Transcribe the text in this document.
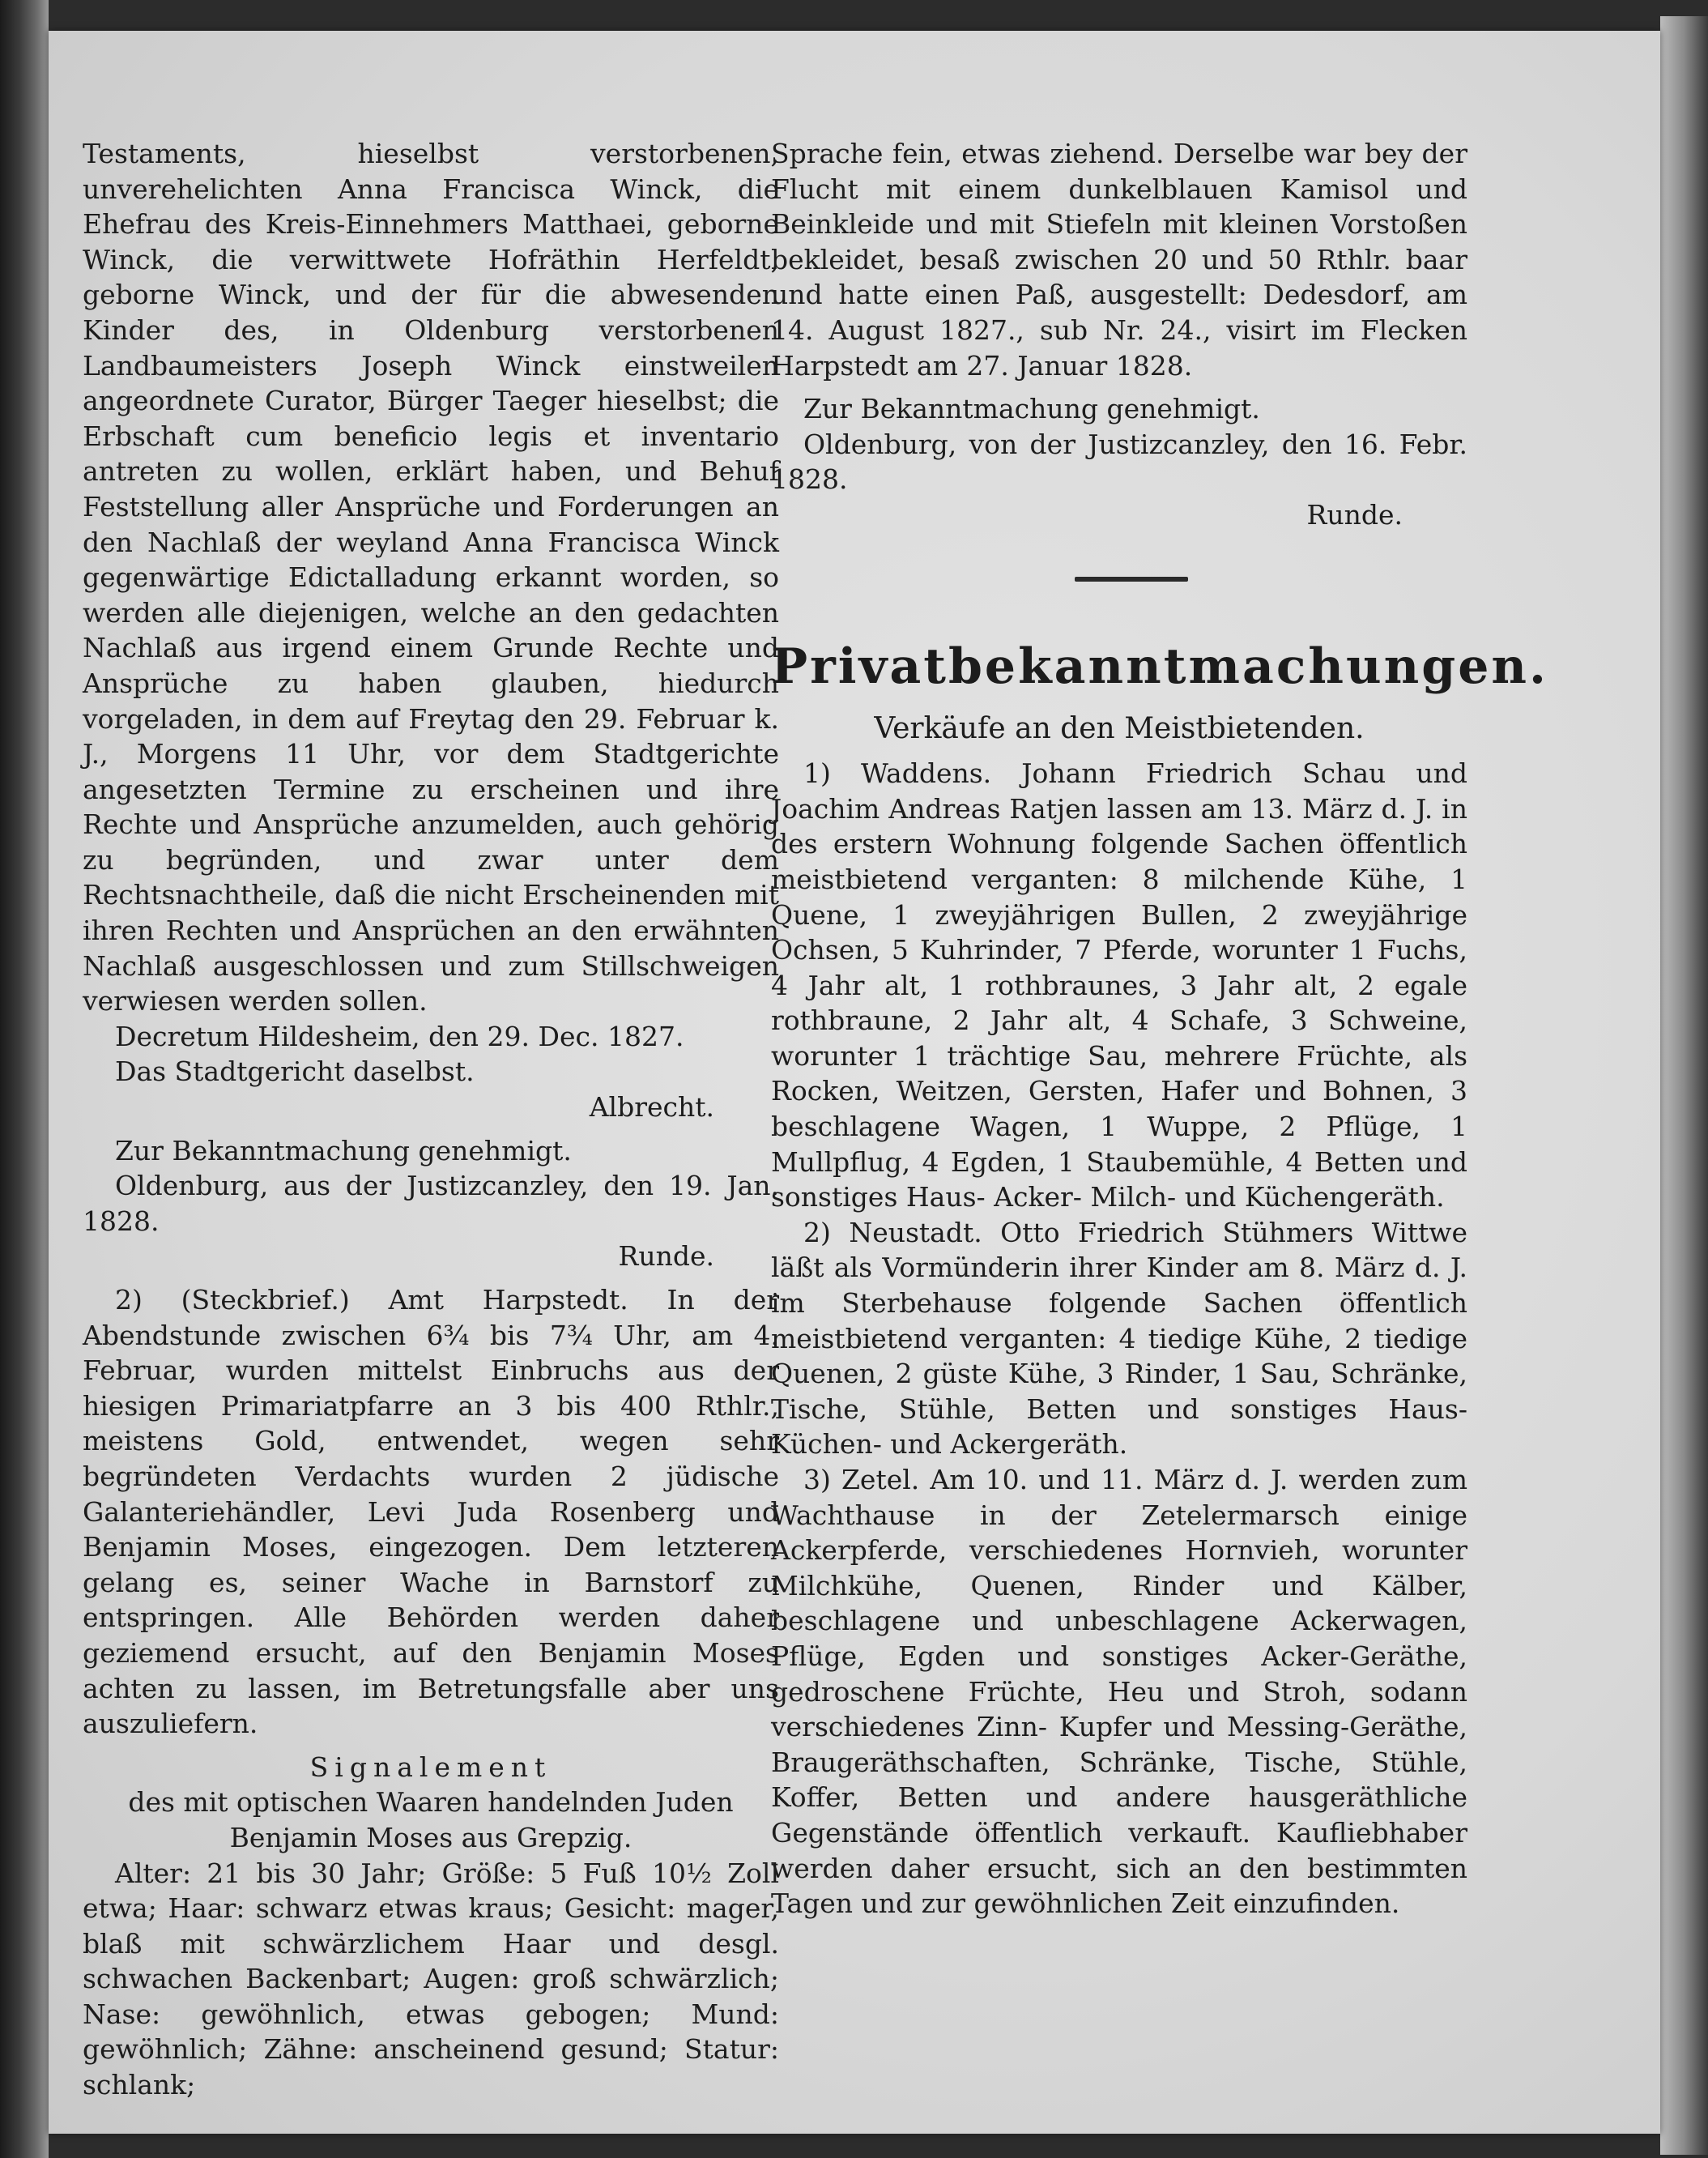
Testaments, hieselbst verstorbenen, unverehelichten Anna Francisca Winck, die Ehefrau des Kreis-Einnehmers Matthaei, geborne Winck, die verwittwete Hofräthin Herfeldt, geborne Winck, und der für die abwesenden Kinder des, in Oldenburg verstorbenen Landbaumeisters Joseph Winck einstweilen angeordnete Curator, Bürger Taeger hieselbst; die Erbschaft cum beneficio legis et inventario antreten zu wollen, erklärt haben, und Behuf Feststellung aller Ansprüche und Forderungen an den Nachlaß der weyland Anna Francisca Winck gegenwärtige Edictalladung erkannt worden, so werden alle diejenigen, welche an den gedachten Nachlaß aus irgend einem Grunde Rechte und Ansprüche zu haben glauben, hiedurch vorgeladen, in dem auf Freytag den 29. Februar k. J., Morgens 11 Uhr, vor dem Stadtgerichte angesetzten Termine zu erscheinen und ihre Rechte und Ansprüche anzumelden, auch gehörig zu begründen, und zwar unter dem Rechtsnachtheile, daß die nicht Erscheinenden mit ihren Rechten und Ansprüchen an den erwähnten Nachlaß ausgeschlossen und zum Stillschweigen verwiesen werden sollen.

Decretum Hildesheim, den 29. Dec. 1827.

Das Stadtgericht daselbst.

Albrecht.

Zur Bekanntmachung genehmigt.

Oldenburg, aus der Justizcanzley, den 19. Jan. 1828.

Runde.

2) (Steckbrief.) Amt Harpstedt. In der Abendstunde zwischen 6¾ bis 7¾ Uhr, am 4. Februar, wurden mittelst Einbruchs aus der hiesigen Primariatpfarre an 3 bis 400 Rthlr., meistens Gold, entwendet, wegen sehr begründeten Verdachts wurden 2 jüdische Galanteriehändler, Levi Juda Rosenberg und Benjamin Moses, eingezogen. Dem letzteren gelang es, seiner Wache in Barnstorf zu entspringen. Alle Behörden werden daher geziemend ersucht, auf den Benjamin Moses achten zu lassen, im Betretungsfalle aber uns auszuliefern.

Signalement

des mit optischen Waaren handelnden Juden Benjamin Moses aus Grepzig.

Alter: 21 bis 30 Jahr; Größe: 5 Fuß 10½ Zoll etwa; Haar: schwarz etwas kraus; Gesicht: mager, blaß mit schwärzlichem Haar und desgl. schwachen Backenbart; Augen: groß schwärzlich; Nase: gewöhnlich, etwas gebogen; Mund: gewöhnlich; Zähne: anscheinend gesund; Statur: schlank;

Sprache fein, etwas ziehend. Derselbe war bey der Flucht mit einem dunkelblauen Kamisol und Beinkleide und mit Stiefeln mit kleinen Vorstoßen bekleidet, besaß zwischen 20 und 50 Rthlr. baar und hatte einen Paß, ausgestellt: Dedesdorf, am 14. August 1827., sub Nr. 24., visirt im Flecken Harpstedt am 27. Januar 1828.

Zur Bekanntmachung genehmigt.

Oldenburg, von der Justizcanzley, den 16. Febr. 1828.

Runde.

Privatbekanntmachungen.
Verkäufe an den Meistbietenden.

1) Waddens. Johann Friedrich Schau und Joachim Andreas Ratjen lassen am 13. März d. J. in des erstern Wohnung folgende Sachen öffentlich meistbietend verganten: 8 milchende Kühe, 1 Quene, 1 zweyjährigen Bullen, 2 zweyjährige Ochsen, 5 Kuhrinder, 7 Pferde, worunter 1 Fuchs, 4 Jahr alt, 1 rothbraunes, 3 Jahr alt, 2 egale rothbraune, 2 Jahr alt, 4 Schafe, 3 Schweine, worunter 1 trächtige Sau, mehrere Früchte, als Rocken, Weitzen, Gersten, Hafer und Bohnen, 3 beschlagene Wagen, 1 Wuppe, 2 Pflüge, 1 Mullpflug, 4 Egden, 1 Staubemühle, 4 Betten und sonstiges Haus- Acker- Milch- und Küchengeräth.

2) Neustadt. Otto Friedrich Stühmers Wittwe läßt als Vormünderin ihrer Kinder am 8. März d. J. im Sterbehause folgende Sachen öffentlich meistbietend verganten: 4 tiedige Kühe, 2 tiedige Quenen, 2 güste Kühe, 3 Rinder, 1 Sau, Schränke, Tische, Stühle, Betten und sonstiges Haus- Küchen- und Ackergeräth.

3) Zetel. Am 10. und 11. März d. J. werden zum Wachthause in der Zetelermarsch einige Ackerpferde, verschiedenes Hornvieh, worunter Milchkühe, Quenen, Rinder und Kälber, beschlagene und unbeschlagene Ackerwagen, Pflüge, Egden und sonstiges Acker-Geräthe, gedroschene Früchte, Heu und Stroh, sodann verschiedenes Zinn- Kupfer und Messing-Geräthe, Braugeräthschaften, Schränke, Tische, Stühle, Koffer, Betten und andere hausgeräthliche Gegenstände öffentlich verkauft. Kaufliebhaber werden daher ersucht, sich an den bestimmten Tagen und zur gewöhnlichen Zeit einzufinden.
